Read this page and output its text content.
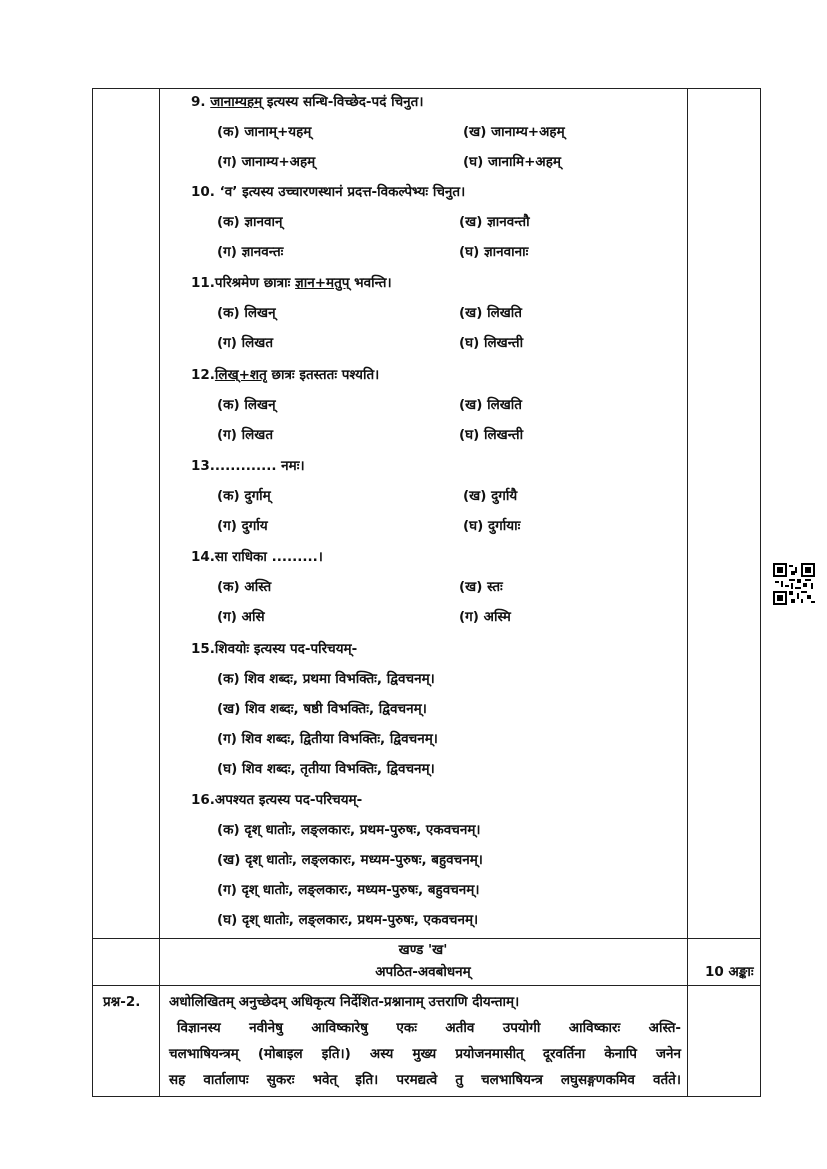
9. जानाम्यहम् इत्यस्य सन्धि-विच्छेद-पदं चिनुत।
(क) जानाम्+यहम्	(ख) जानाम्य+अहम्
(ग) जानाम्य+अहम्	(घ) जानामि+अहम्
10. ‘व’ इत्यस्य उच्चारणस्थानं प्रदत्त-विकल्पेभ्यः चिनुत।
(क) ज्ञानवान्	(ख) ज्ञानवन्तौ
(ग) ज्ञानवन्तः	(घ) ज्ञानवानाः
11.परिश्रमेण छात्राः ज्ञान+मतुप् भवन्ति।
(क) लिखन्	(ख) लिखति
(ग) लिखत	(घ) लिखन्ती
12.लिख्+शतृ छात्रः इतस्ततः पश्यति।
(क) लिखन्	(ख) लिखति
(ग) लिखत	(घ) लिखन्ती
13............. नमः।
(क) दुर्गाम्	(ख) दुर्गायै
(ग) दुर्गाय	(घ) दुर्गायाः
14.सा राधिका .........।
(क) अस्ति	(ख) स्तः
(ग) असि	(ग) अस्मि
15.शिवयोः इत्यस्य पद-परिचयम्-
(क) शिव शब्दः, प्रथमा विभक्तिः, द्विवचनम्।
(ख) शिव शब्दः, षष्ठी विभक्तिः, द्विवचनम्।
(ग) शिव शब्दः, द्वितीया विभक्तिः, द्विवचनम्।
(घ) शिव शब्दः, तृतीया विभक्तिः, द्विवचनम्।
16.अपश्यत इत्यस्य पद-परिचयम्-
(क) दृश् धातोः, लङ्लकारः, प्रथम-पुरुषः, एकवचनम्।
(ख) दृश् धातोः, लङ्लकारः, मध्यम-पुरुषः, बहुवचनम्।
(ग) दृश् धातोः, लङ्लकारः, मध्यम-पुरुषः, बहुवचनम्।
(घ) दृश् धातोः, लङ्लकारः, प्रथम-पुरुषः, एकवचनम्।
खण्ड 'ख'
अपठित-अवबोधनम्	10 अङ्काः
प्रश्न-2. अधोलिखितम् अनुच्छेदम् अधिकृत्य निर्देशित-प्रश्नानाम् उत्तराणि दीयन्ताम्।
विज्ञानस्य नवीनेषु आविष्कारेषु एकः अतीव उपयोगी आविष्कारः अस्ति-
चलभाषियन्त्रम् (मोबाइल इति।) अस्य मुख्य प्रयोजनमासीत् दूरवर्तिना केनापि जनेन
सह वार्तालापः सुकरः भवेत् इति। परमद्यत्वे तु चलभाषियन्त्र लघुसङ्गणकमिव वर्तते।
